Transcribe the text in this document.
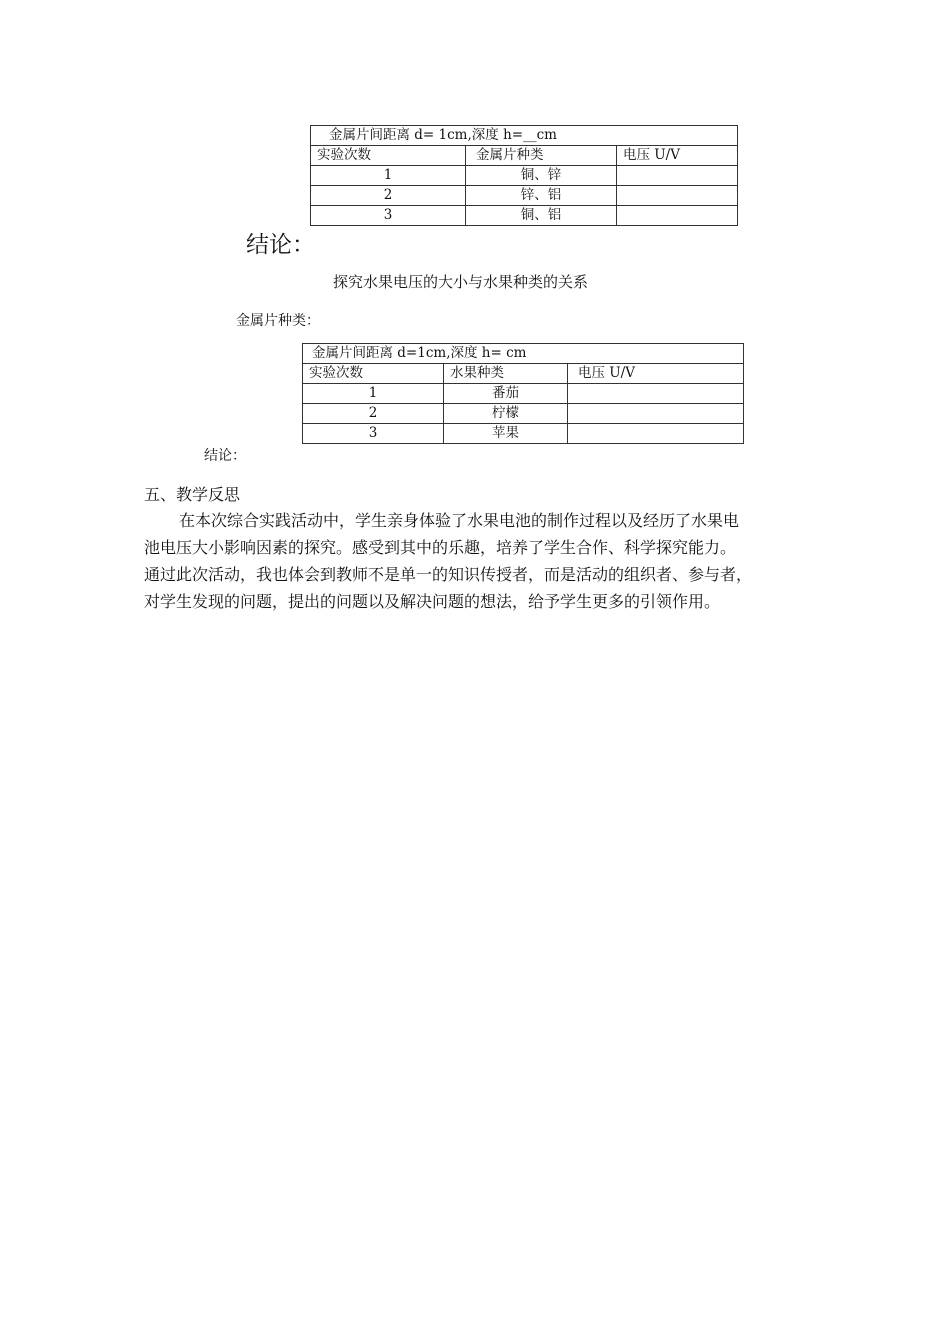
金属片间距离 d= 1cm,深度 h=__cm		
实验次数	金属片种类	电压 U/V
1	铜、锌	
2	锌、铝	
3	铜、铝	
结论：
探究水果电压的大小与水果种类的关系
金属片种类：
金属片间距离 d=1cm,深度 h= cm		
实验次数	水果种类	电压 U/V
1	番茄	
2	柠檬	
3	苹果	
结论：
五、教学反思
在本次综合实践活动中，学生亲身体验了水果电池的制作过程以及经历了水果电
池电压大小影响因素的探究。感受到其中的乐趣，培养了学生合作、科学探究能力。
通过此次活动，我也体会到教师不是单一的知识传授者，而是活动的组织者、参与者，
对学生发现的问题，提出的问题以及解决问题的想法，给予学生更多的引领作用。
